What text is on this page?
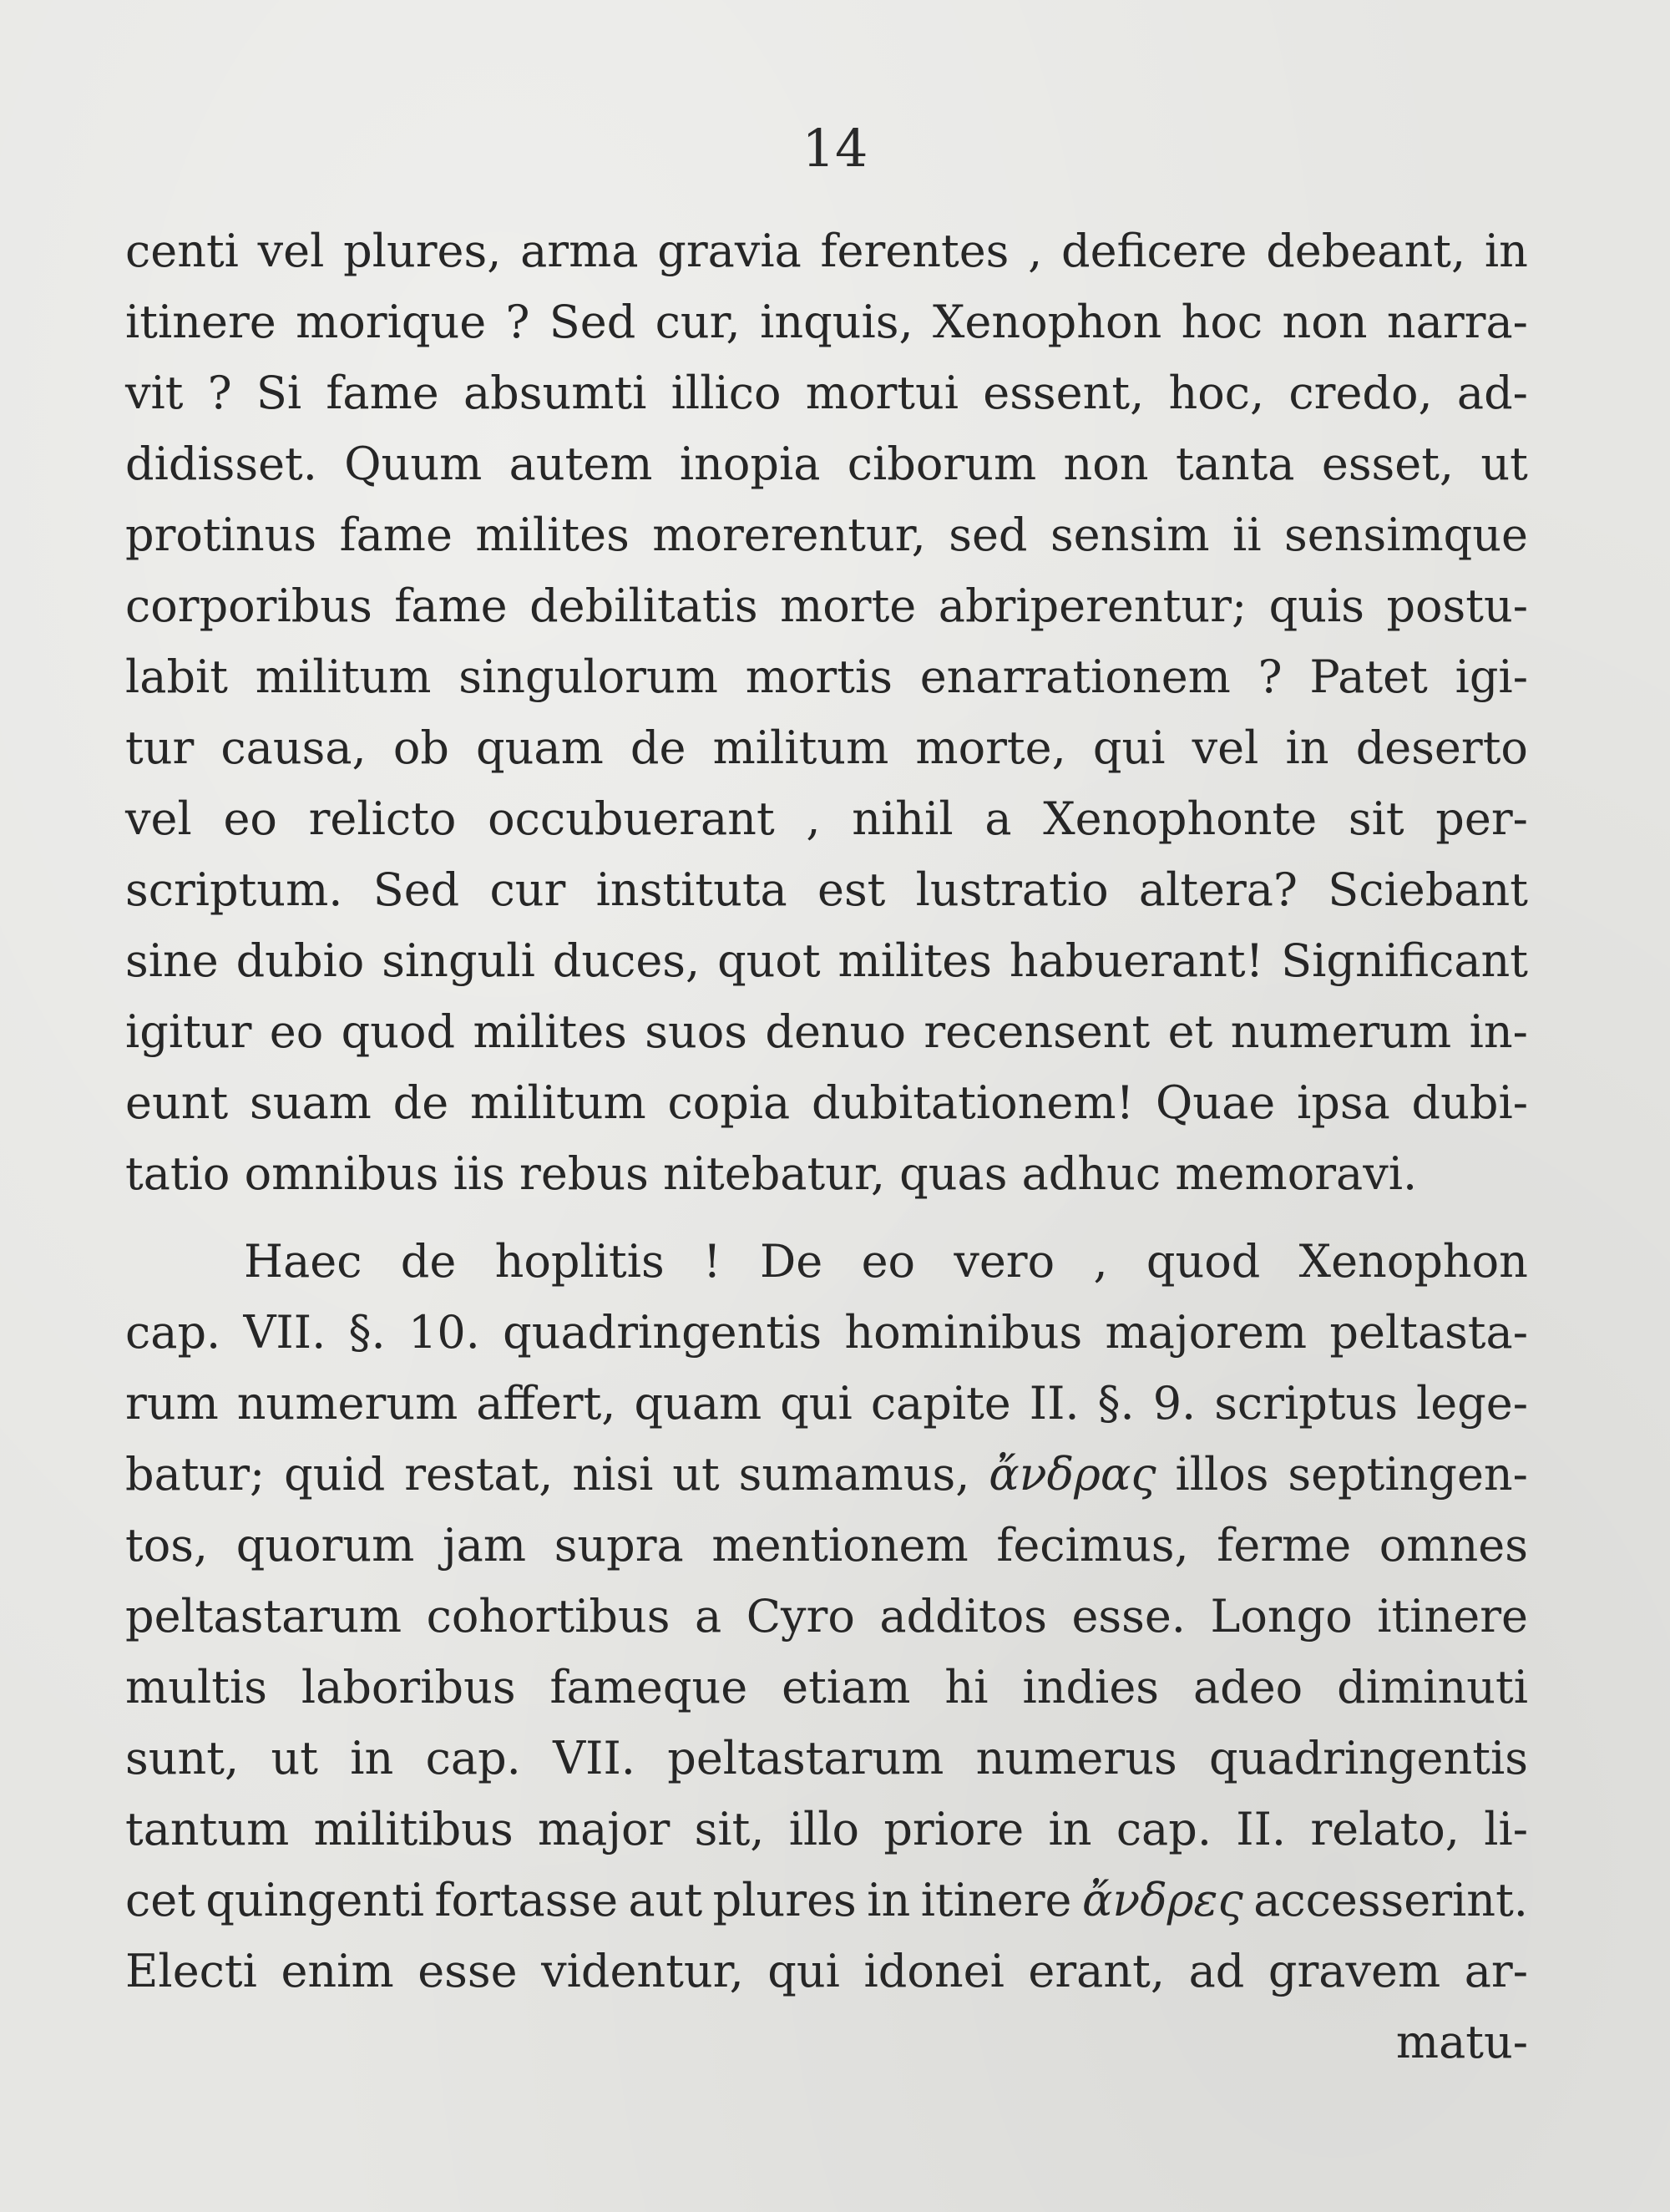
14
centi vel plures, arma gravia ferentes , deficere debeant, in
itinere morique ? Sed cur, inquis, Xenophon hoc non narra-
vit ? Si fame absumti illico mortui essent, hoc, credo, ad-
didisset. Quum autem inopia ciborum non tanta esset, ut
protinus fame milites morerentur, sed sensim ii sensimque
corporibus fame debilitatis morte abriperentur; quis postu-
labit militum singulorum mortis enarrationem ? Patet igi-
tur causa, ob quam de militum morte, qui vel in deserto
vel eo relicto occubuerant , nihil a Xenophonte sit per-
scriptum. Sed cur instituta est lustratio altera? Sciebant
sine dubio singuli duces, quot milites habuerant! Significant
igitur eo quod milites suos denuo recensent et numerum in-
eunt suam de militum copia dubitationem! Quae ipsa dubi-
tatio
omnibus
iis
rebus
nitebatur,
quas
adhuc
memoravi.
Haec de hoplitis ! De eo vero , quod Xenophon
cap. VII. §. 10. quadringentis hominibus majorem peltasta-
rum numerum affert, quam qui capite II. §. 9. scriptus lege-
batur; quid restat, nisi ut sumamus, ἄνδρας illos septingen-
tos, quorum jam supra mentionem fecimus, ferme omnes
peltastarum cohortibus a Cyro additos esse. Longo itinere
multis laboribus fameque etiam hi indies adeo diminuti
sunt, ut in cap. VII. peltastarum numerus quadringentis
tantum militibus major sit, illo priore in cap. II. relato, li-
cet quingenti fortasse aut plures in itinere ἄνδρες accesserint.
Electi enim esse videntur, qui idonei erant, ad gravem ar-
matu-
